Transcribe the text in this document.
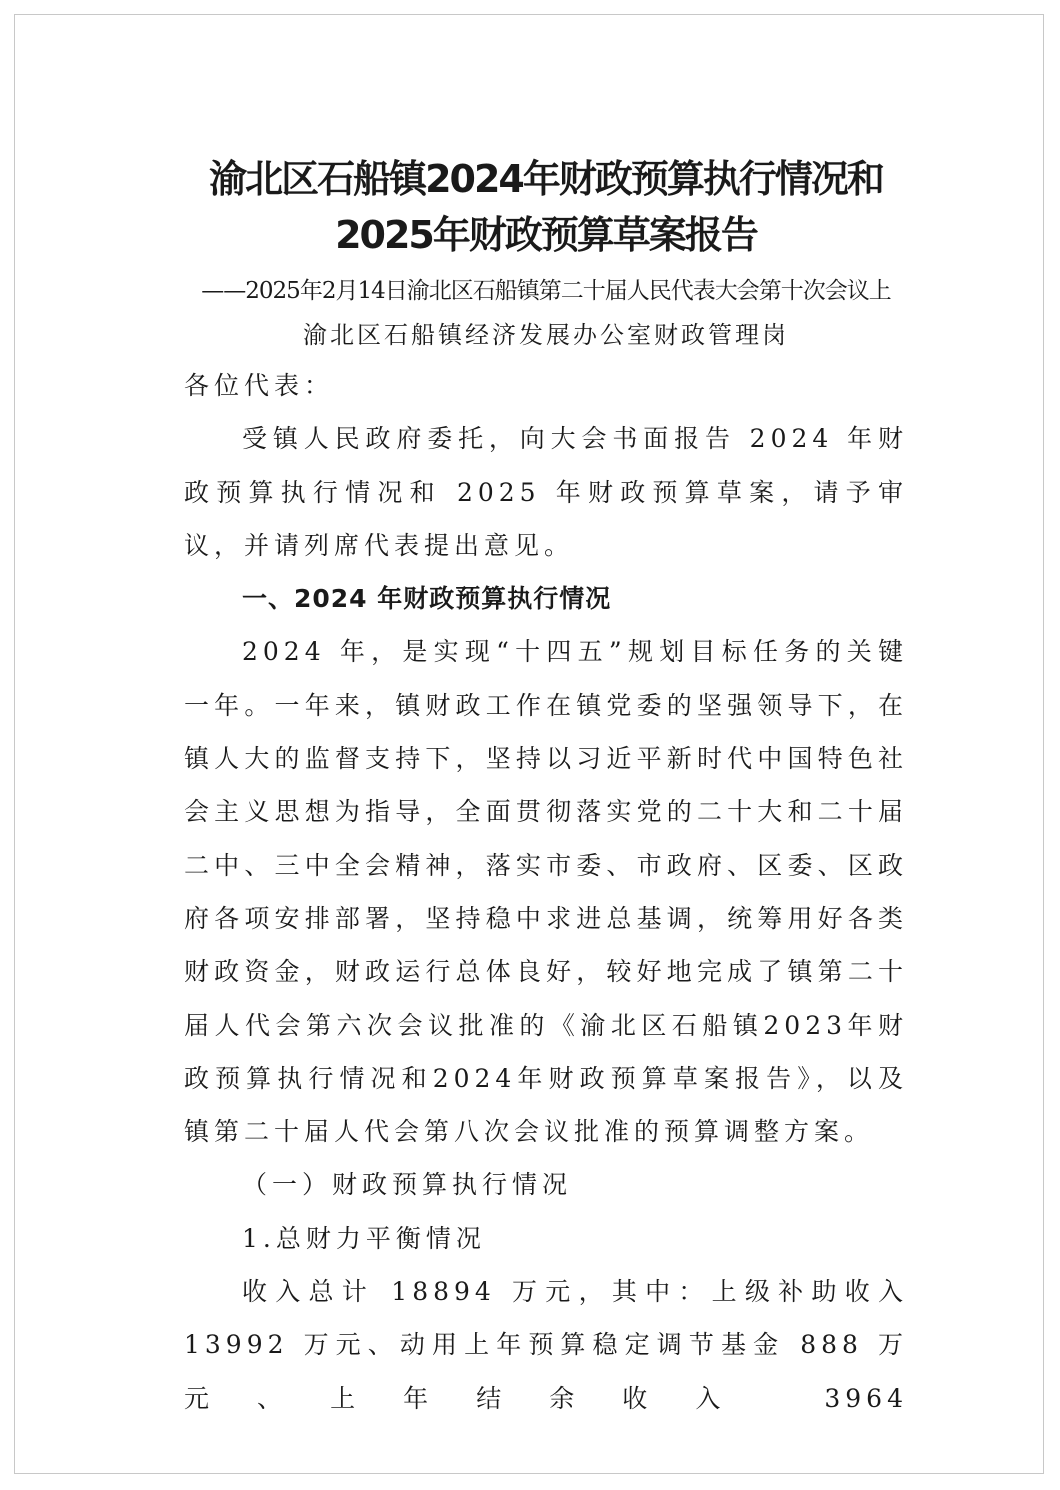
渝北区石船镇2024年财政预算执行情况和
2025年财政预算草案报告

——2025年2月14日渝北区石船镇第二十届人民代表大会第十次会议上

渝北区石船镇经济发展办公室财政管理岗

各位代表：

受镇人民政府委托，向大会书面报告 2024 年财政预算执行情况和 2025 年财政预算草案，请予审议，并请列席代表提出意见。

一、2024 年财政预算执行情况

2024 年，是实现“十四五”规划目标任务的关键一年。一年来，镇财政工作在镇党委的坚强领导下，在镇人大的监督支持下，坚持以习近平新时代中国特色社会主义思想为指导，全面贯彻落实党的二十大和二十届二中、三中全会精神，落实市委、市政府、区委、区政府各项安排部署，坚持稳中求进总基调，统筹用好各类财政资金，财政运行总体良好，较好地完成了镇第二十届人代会第六次会议批准的《渝北区石船镇2023年财政预算执行情况和2024年财政预算草案报告》，以及镇第二十届人代会第八次会议批准的预算调整方案。

（一）财政预算执行情况

1.总财力平衡情况

收入总计 18894 万元，其中：上级补助收入 13992 万元、动用上年预算稳定调节基金 888 万元、上年结余收入 3964
